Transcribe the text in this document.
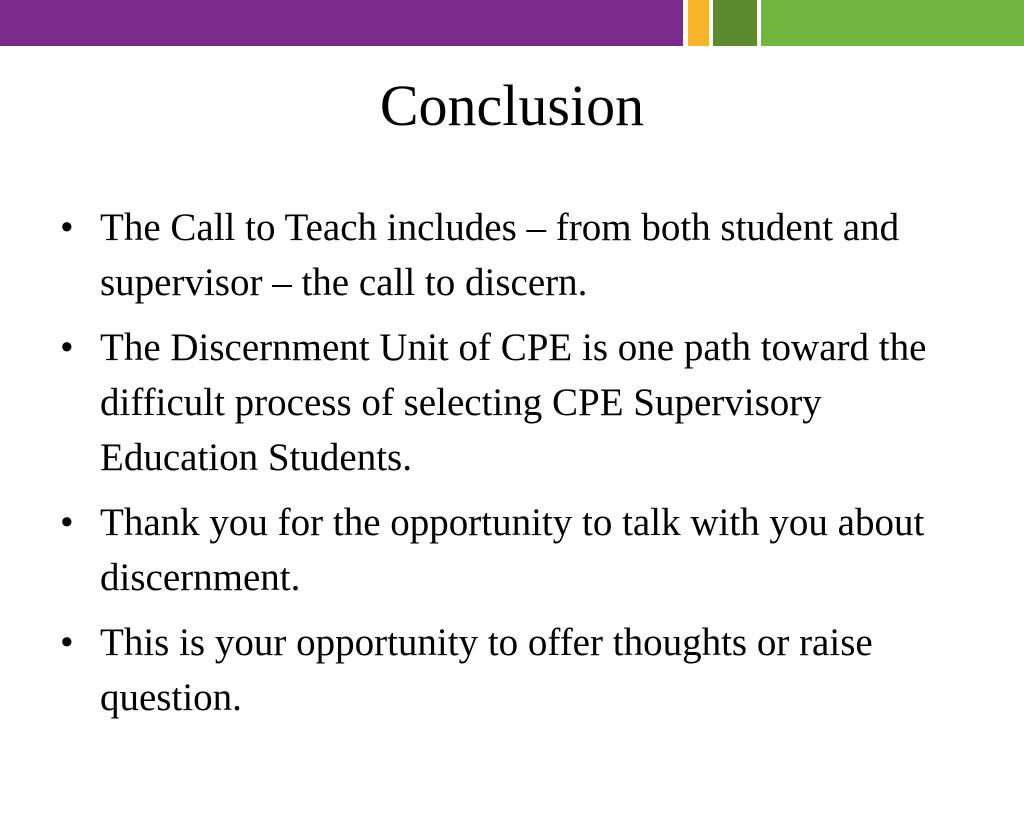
Conclusion
• The Call to Teach includes – from both student and supervisor – the call to discern.
• The Discernment Unit of CPE is one path toward the difficult process of selecting CPE Supervisory Education Students.
• Thank you for the opportunity to talk with you about discernment.
• This is your opportunity to offer thoughts or raise question.
